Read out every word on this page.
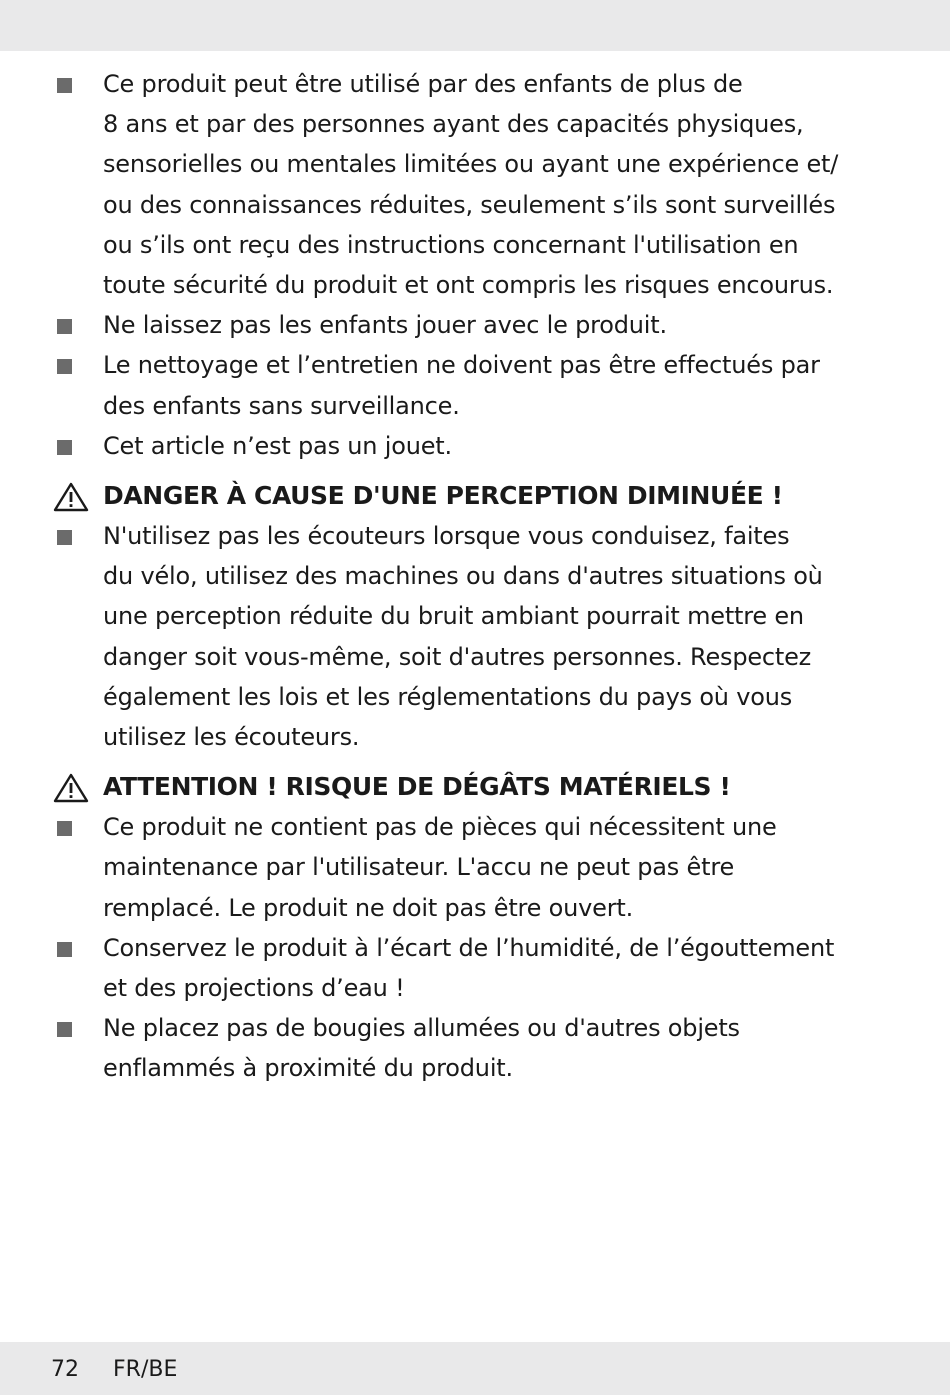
Ce produit peut être utilisé par des enfants de plus de
8 ans et par des personnes ayant des capacités physiques,
sensorielles ou mentales limitées ou ayant une expérience et/
ou des connaissances réduites, seulement s’ils sont surveillés
ou s’ils ont reçu des instructions concernant l'utilisation en
toute sécurité du produit et ont compris les risques encourus.
Ne laissez pas les enfants jouer avec le produit.
Le nettoyage et l’entretien ne doivent pas être effectués par
des enfants sans surveillance.
Cet article n’est pas un jouet.
DANGER À CAUSE D'UNE PERCEPTION DIMINUÉE !
N'utilisez pas les écouteurs lorsque vous conduisez, faites
du vélo, utilisez des machines ou dans d'autres situations où
une perception réduite du bruit ambiant pourrait mettre en
danger soit vous-même, soit d'autres personnes. Respectez
également les lois et les réglementations du pays où vous
utilisez les écouteurs.
ATTENTION ! RISQUE DE DÉGÂTS MATÉRIELS !
Ce produit ne contient pas de pièces qui nécessitent une
maintenance par l'utilisateur. L'accu ne peut pas être
remplacé. Le produit ne doit pas être ouvert.
Conservez le produit à l’écart de l’humidité, de l’égouttement
et des projections d’eau !
Ne placez pas de bougies allumées ou d'autres objets
enflammés à proximité du produit.
72 FR/BE
